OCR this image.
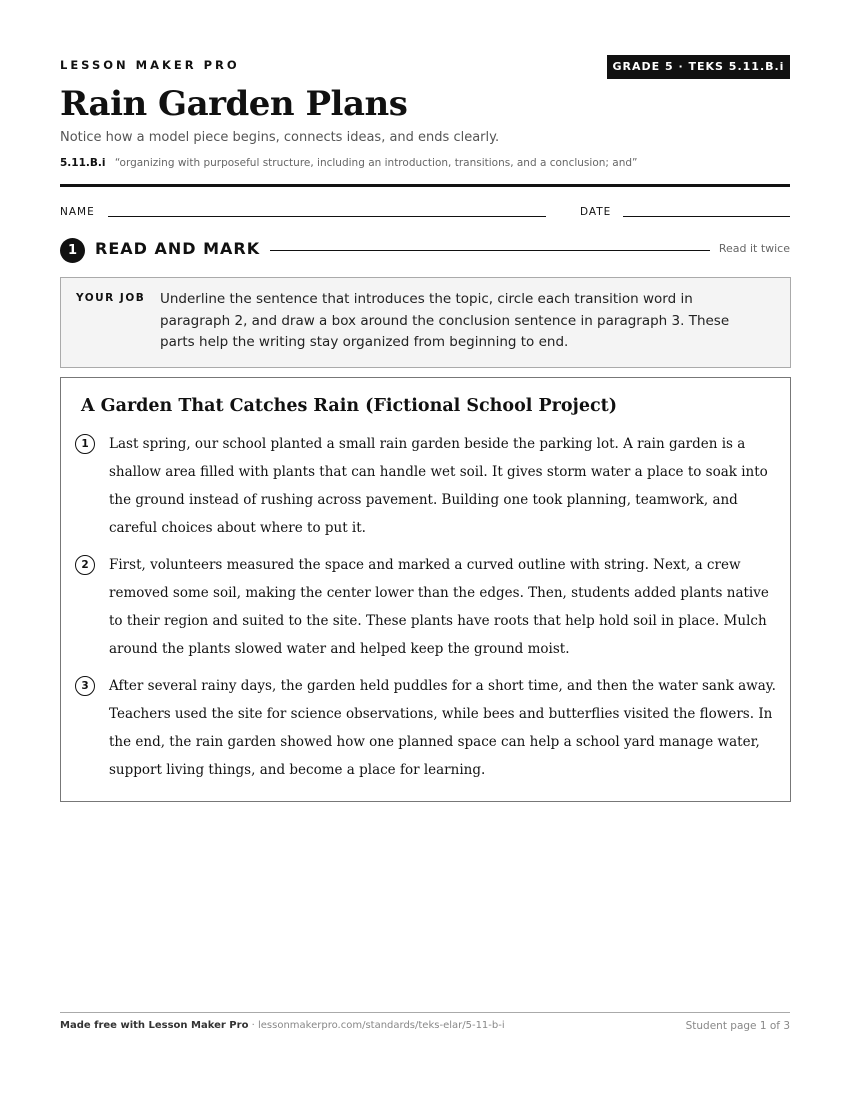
LESSON MAKER PRO	GRADE 5 · TEKS 5.11.B.i
Rain Garden Plans
Notice how a model piece begins, connects ideas, and ends clearly.
5.11.B.i “organizing with purposeful structure, including an introduction, transitions, and a conclusion; and”
NAME	DATE
1	READ AND MARK	Read it twice
YOUR JOB Underline the sentence that introduces the topic, circle each transition word in paragraph 2, and draw a box around the conclusion sentence in paragraph 3. These parts help the writing stay organized from beginning to end.
A Garden That Catches Rain (Fictional School Project)
1	Last spring, our school planted a small rain garden beside the parking lot. A rain garden is a shallow area filled with plants that can handle wet soil. It gives storm water a place to soak into the ground instead of rushing across pavement. Building one took planning, teamwork, and careful choices about where to put it.

2	First, volunteers measured the space and marked a curved outline with string. Next, a crew removed some soil, making the center lower than the edges. Then, students added plants native to their region and suited to the site. These plants have roots that help hold soil in place. Mulch around the plants slowed water and helped keep the ground moist.

3	After several rainy days, the garden held puddles for a short time, and then the water sank away. Teachers used the site for science observations, while bees and butterflies visited the flowers. In the end, the rain garden showed how one planned space can help a school yard manage water, support living things, and become a place for learning.

Made free with Lesson Maker Pro · lessonmakerpro.com/standards/teks-elar/5-11-b-i	Student page 1 of 3
